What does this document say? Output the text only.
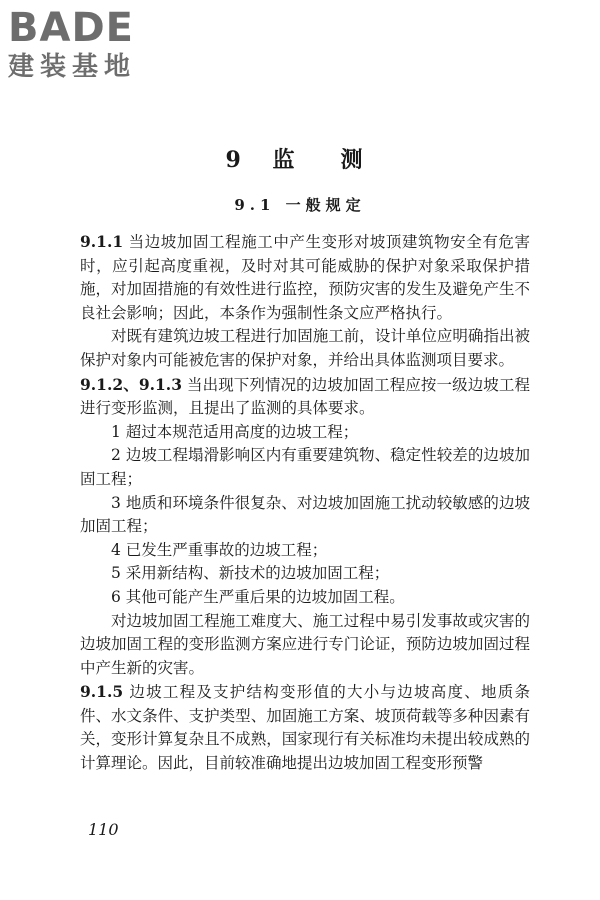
BADE
建装基地
9 监　测
9.1 一般规定

9.1.1 当边坡加固工程施工中产生变形对坡顶建筑物安全有危害时，应引起高度重视，及时对其可能威胁的保护对象采取保护措施，对加固措施的有效性进行监控，预防灾害的发生及避免产生不良社会影响；因此，本条作为强制性条文应严格执行。

对既有建筑边坡工程进行加固施工前，设计单位应明确指出被保护对象内可能被危害的保护对象，并给出具体监测项目要求。

9.1.2、9.1.3 当出现下列情况的边坡加固工程应按一级边坡工程进行变形监测，且提出了监测的具体要求。

1 超过本规范适用高度的边坡工程；

2 边坡工程塌滑影响区内有重要建筑物、稳定性较差的边坡加固工程；

3 地质和环境条件很复杂、对边坡加固施工扰动较敏感的边坡加固工程；

4 已发生严重事故的边坡工程；

5 采用新结构、新技术的边坡加固工程；

6 其他可能产生严重后果的边坡加固工程。

对边坡加固工程施工难度大、施工过程中易引发事故或灾害的边坡加固工程的变形监测方案应进行专门论证，预防边坡加固过程中产生新的灾害。

9.1.5 边坡工程及支护结构变形值的大小与边坡高度、地质条件、水文条件、支护类型、加固施工方案、坡顶荷载等多种因素有关，变形计算复杂且不成熟，国家现行有关标准均未提出较成熟的计算理论。因此，目前较准确地提出边坡加固工程变形预警

110
